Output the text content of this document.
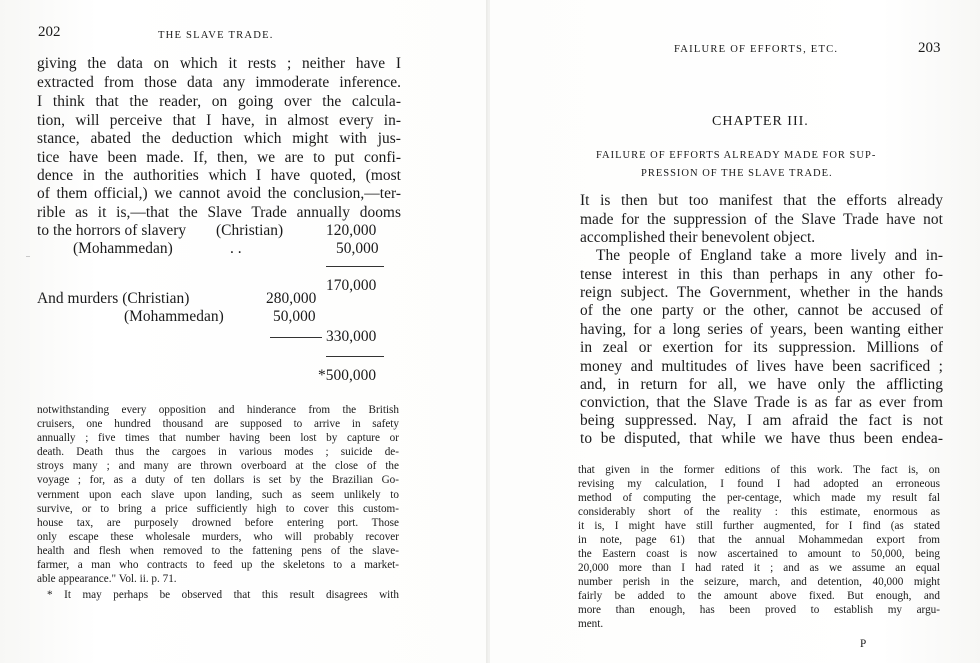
202	THE SLAVE TRADE.
giving the data on which it rests ; neither have I
extracted from those data any immoderate inference.
I think that the reader, on going over the calcula-
tion, will perceive that I have, in almost every in-
stance, abated the deduction which might with jus-
tice have been made. If, then, we are to put confi-
dence in the authorities which I have quoted, (most
of them official,) we cannot avoid the conclusion,—ter-
rible as it is,—that the Slave Trade annually dooms
to the horrors of slavery (Christian)	120,000
(Mohammedan)	. .	50,000
170,000
And murders (Christian)	280,000
(Mohammedan)	50,000
330,000
*500,000
notwithstanding every opposition and hinderance from the British
cruisers, one hundred thousand are supposed to arrive in safety
annually ; five times that number having been lost by capture or
death. Death thus the cargoes in various modes ; suicide de-
stroys many ; and many are thrown overboard at the close of the
voyage ; for, as a duty of ten dollars is set by the Brazilian Go-
vernment upon each slave upon landing, such as seem unlikely to
survive, or to bring a price sufficiently high to cover this custom-
house tax, are purposely drowned before entering port. Those
only escape these wholesale murders, who will probably recover
health and flesh when removed to the fattening pens of the slave-
farmer, a man who contracts to feed up the skeletons to a market-
able appearance." Vol. ii. p. 71.
* It may perhaps be observed that this result disagrees with
FAILURE OF EFFORTS, ETC.	203
CHAPTER III.
FAILURE OF EFFORTS ALREADY MADE FOR SUP-
PRESSION OF THE SLAVE TRADE.
It is then but too manifest that the efforts already
made for the suppression of the Slave Trade have not
accomplished their benevolent object.
The people of England take a more lively and in-
tense interest in this than perhaps in any other fo-
reign subject. The Government, whether in the hands
of the one party or the other, cannot be accused of
having, for a long series of years, been wanting either
in zeal or exertion for its suppression. Millions of
money and multitudes of lives have been sacrificed ;
and, in return for all, we have only the afflicting
conviction, that the Slave Trade is as far as ever from
being suppressed. Nay, I am afraid the fact is not
to be disputed, that while we have thus been endea-
that given in the former editions of this work. The fact is, on
revising my calculation, I found I had adopted an erroneous
method of computing the per-centage, which made my result fal
considerably short of the reality : this estimate, enormous as
it is, I might have still further augmented, for I find (as stated
in note, page 61) that the annual Mohammedan export from
the Eastern coast is now ascertained to amount to 50,000, being
20,000 more than I had rated it ; and as we assume an equal
number perish in the seizure, march, and detention, 40,000 might
fairly be added to the amount above fixed. But enough, and
more than enough, has been proved to establish my argu-
ment.
P
